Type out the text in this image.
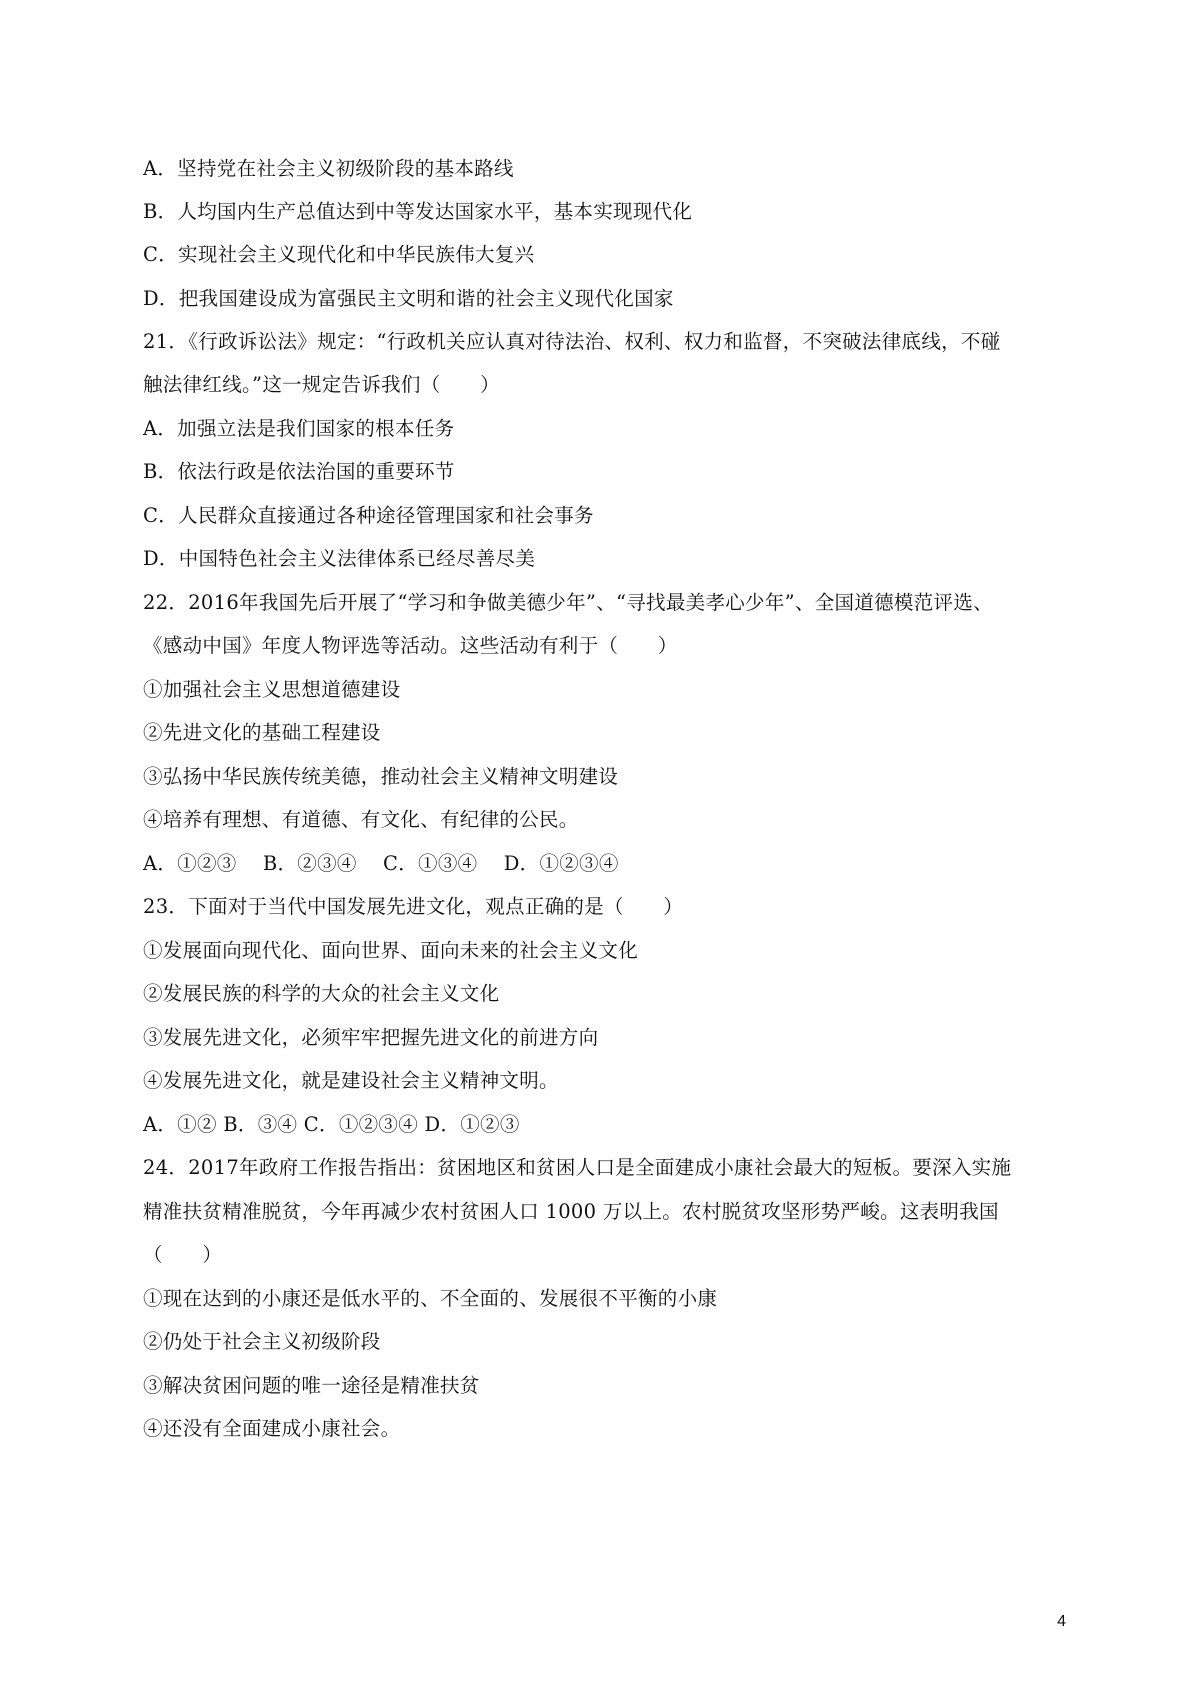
A．坚持党在社会主义初级阶段的基本路线
B．人均国内生产总值达到中等发达国家水平，基本实现现代化
C．实现社会主义现代化和中华民族伟大复兴
D．把我国建设成为富强民主文明和谐的社会主义现代化国家
21．《行政诉讼法》规定：“行政机关应认真对待法治、权利、权力和监督，不突破法律底线，不碰
触法律红线。”这一规定告诉我们（　　）
A．加强立法是我们国家的根本任务
B．依法行政是依法治国的重要环节
C．人民群众直接通过各种途径管理国家和社会事务
D．中国特色社会主义法律体系已经尽善尽美
22．2016年我国先后开展了“学习和争做美德少年”、“寻找最美孝心少年”、全国道德模范评选、
《感动中国》年度人物评选等活动。这些活动有利于（　　）
①加强社会主义思想道德建设
②先进文化的基础工程建设
③弘扬中华民族传统美德，推动社会主义精神文明建设
④培养有理想、有道德、有文化、有纪律的公民。
A．①②③　 B．②③④　 C．①③④　 D．①②③④
23．下面对于当代中国发展先进文化，观点正确的是（　　）
①发展面向现代化、面向世界、面向未来的社会主义文化
②发展民族的科学的大众的社会主义文化
③发展先进文化，必须牢牢把握先进文化的前进方向
④发展先进文化，就是建设社会主义精神文明。
A．①② B．③④ C．①②③④ D．①②③
24．2017年政府工作报告指出：贫困地区和贫困人口是全面建成小康社会最大的短板。要深入实施
精准扶贫精准脱贫，今年再减少农村贫困人口 1000 万以上。农村脱贫攻坚形势严峻。这表明我国
（　　）
①现在达到的小康还是低水平的、不全面的、发展很不平衡的小康
②仍处于社会主义初级阶段
③解决贫困问题的唯一途径是精准扶贫
④还没有全面建成小康社会。
4
